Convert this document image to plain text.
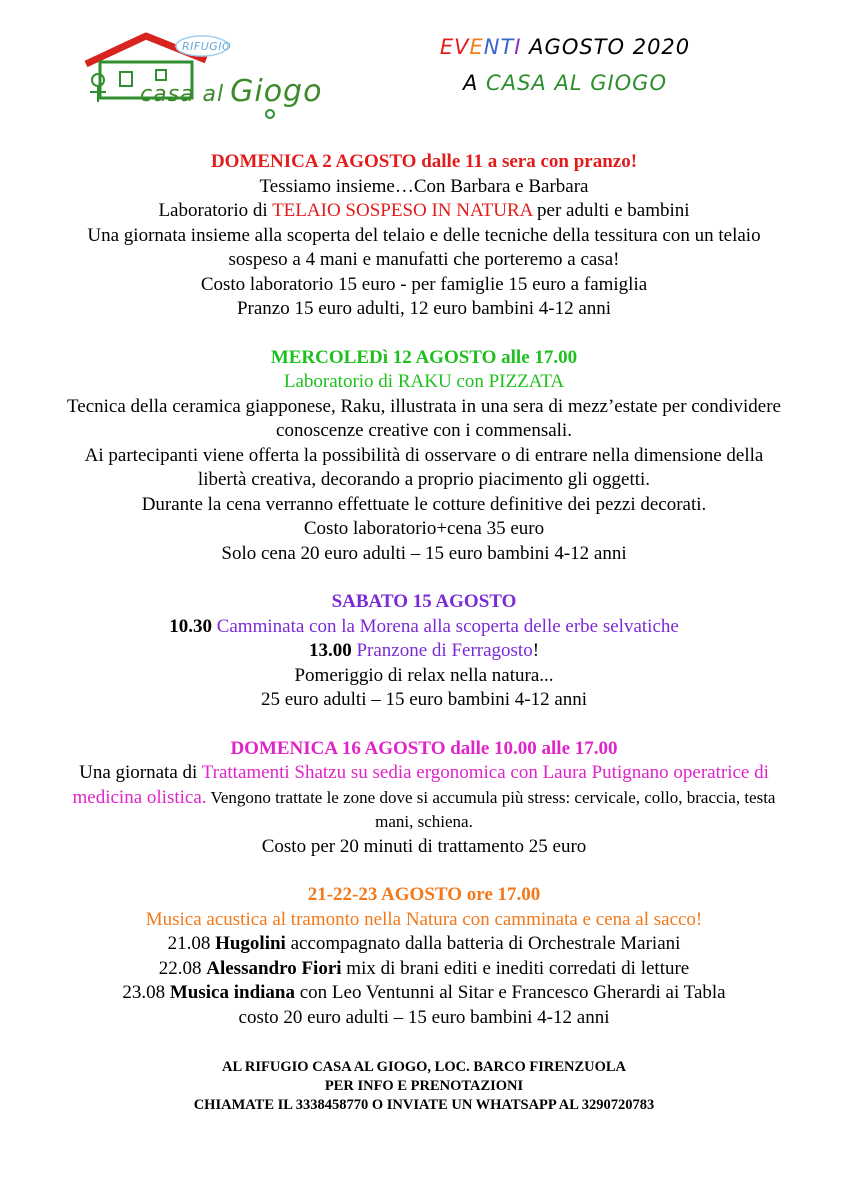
RIFUGIO
casa al Giogo
EVENTI AGOSTO 2020
A CASA AL GIOGO
DOMENICA 2 AGOSTO dalle 11 a sera con pranzo!
Tessiamo insieme…Con Barbara e Barbara
Laboratorio di TELAIO SOSPESO IN NATURA per adulti e bambini
Una giornata insieme alla scoperta del telaio e delle tecniche della tessitura con un telaio sospeso a 4 mani e manufatti che porteremo a casa!
Costo laboratorio 15 euro - per famiglie 15 euro a famiglia
Pranzo 15 euro adulti, 12 euro bambini 4-12 anni
MERCOLEDì 12 AGOSTO alle 17.00
Laboratorio di RAKU con PIZZATA
Tecnica della ceramica giapponese, Raku, illustrata in una sera di mezz’estate per condividere conoscenze creative con i commensali.
Ai partecipanti viene offerta la possibilità di osservare o di entrare nella dimensione della libertà creativa, decorando a proprio piacimento gli oggetti.
Durante la cena verranno effettuate le cotture definitive dei pezzi decorati.
Costo laboratorio+cena 35 euro
Solo cena 20 euro adulti – 15 euro bambini 4-12 anni
SABATO 15 AGOSTO
10.30 Camminata con la Morena alla scoperta delle erbe selvatiche
13.00 Pranzone di Ferragosto!
Pomeriggio di relax nella natura...
25 euro adulti – 15 euro bambini 4-12 anni
DOMENICA 16 AGOSTO dalle 10.00 alle 17.00
Una giornata di Trattamenti Shatzu su sedia ergonomica con Laura Putignano operatrice di medicina olistica. Vengono trattate le zone dove si accumula più stress: cervicale, collo, braccia, testa mani, schiena.
Costo per 20 minuti di trattamento 25 euro
21-22-23 AGOSTO ore 17.00
Musica acustica al tramonto nella Natura con camminata e cena al sacco!
21.08 Hugolini accompagnato dalla batteria di Orchestrale Mariani
22.08 Alessandro Fiori mix di brani editi e inediti corredati di letture
23.08 Musica indiana con Leo Ventunni al Sitar e Francesco Gherardi ai Tabla
costo 20 euro adulti – 15 euro bambini 4-12 anni
AL RIFUGIO CASA AL GIOGO, LOC. BARCO FIRENZUOLA
PER INFO E PRENOTAZIONI
CHIAMATE IL 3338458770 O INVIATE UN WHATSAPP AL 3290720783
